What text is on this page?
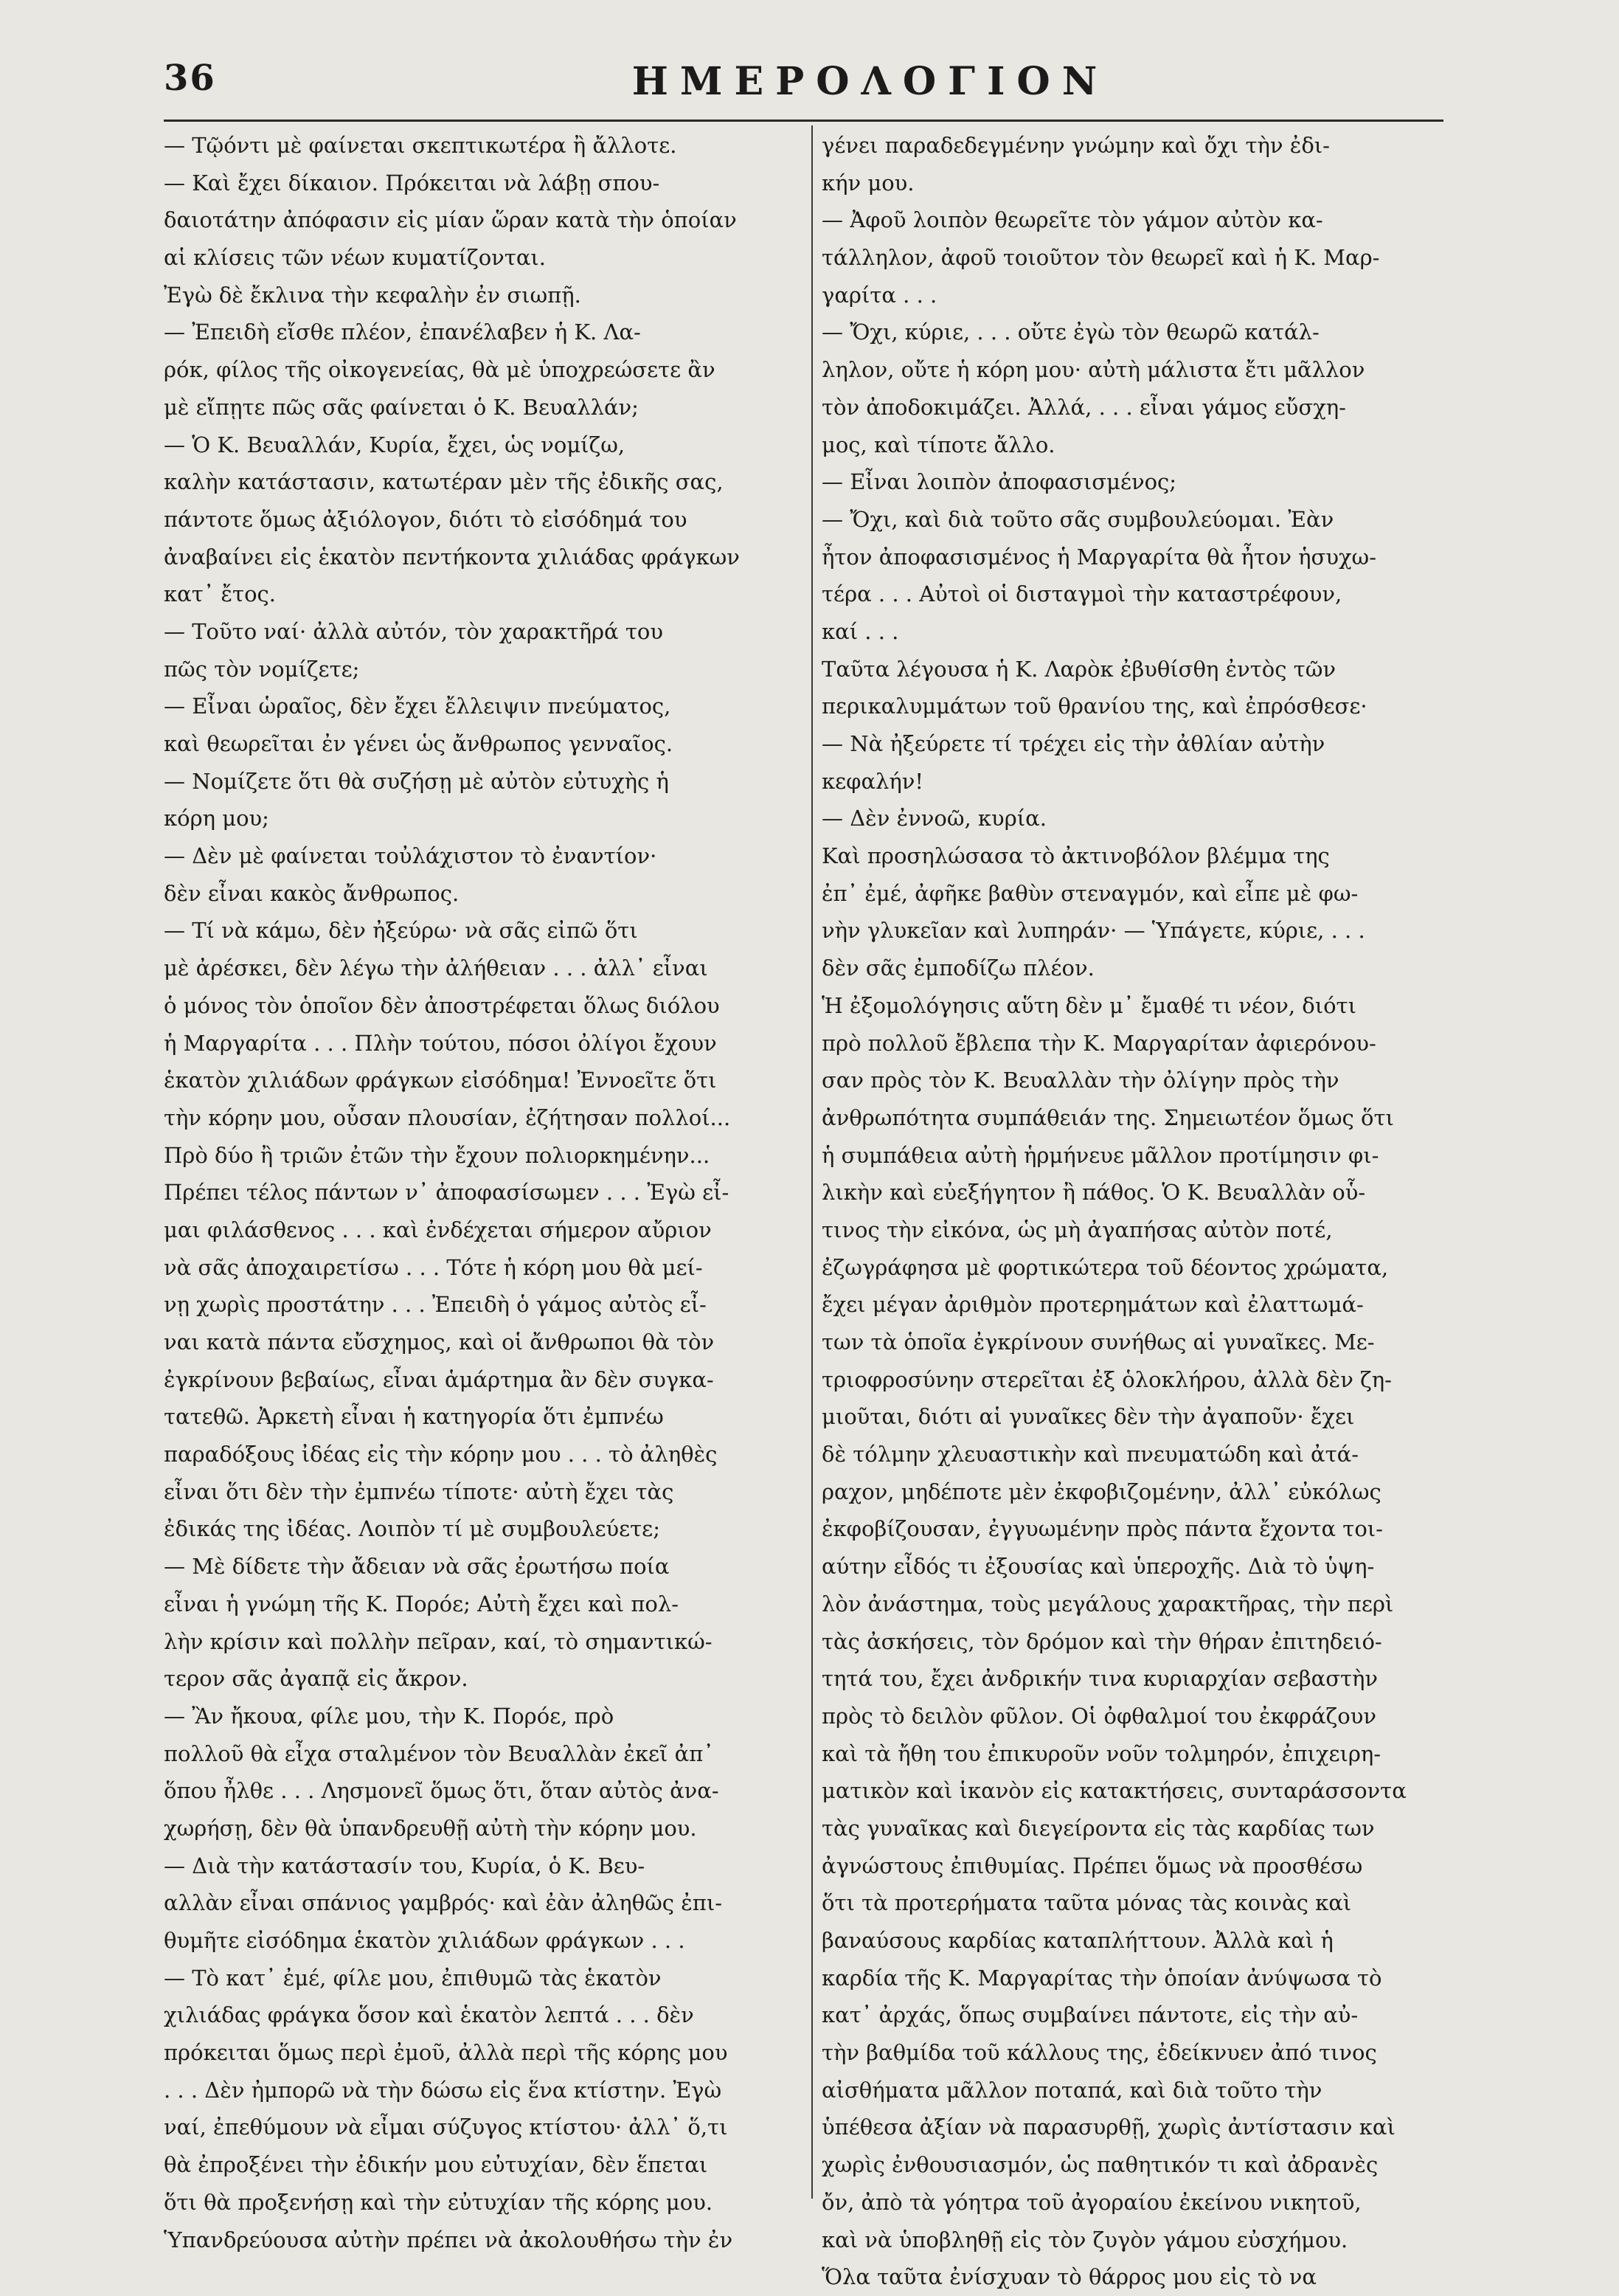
36	ΗΜΕΡΟΛΟΓΙΟΝ
— Τῷόντι μὲ φαίνεται σκεπτικωτέρα ἢ ἄλλοτε.
— Καὶ ἔχει δίκαιον. Πρόκειται νὰ λάβῃ σπου-
δαιοτάτην ἀπόφασιν εἰς μίαν ὥραν κατὰ τὴν ὁποίαν
αἱ κλίσεις τῶν νέων κυματίζονται.
Ἐγὼ δὲ ἔκλινα τὴν κεφαλὴν ἐν σιωπῇ.
— Ἐπειδὴ εἴσθε πλέον, ἐπανέλαβεν ἡ Κ. Λα-
ρόκ, φίλος τῆς οἰκογενείας, θὰ μὲ ὑποχρεώσετε ἂν
μὲ εἴπῃτε πῶς σᾶς φαίνεται ὁ Κ. Βευαλλάν;
— Ὁ Κ. Βευαλλάν, Κυρία, ἔχει, ὡς νομίζω,
καλὴν κατάστασιν, κατωτέραν μὲν τῆς ἐδικῆς σας,
πάντοτε ὅμως ἀξιόλογον, διότι τὸ εἰσόδημά του
ἀναβαίνει εἰς ἑκατὸν πεντήκοντα χιλιάδας φράγκων
κατ᾽ ἔτος.
— Τοῦτο ναί· ἀλλὰ αὐτόν, τὸν χαρακτῆρά του
πῶς τὸν νομίζετε;
— Εἶναι ὡραῖος, δὲν ἔχει ἔλλειψιν πνεύματος,
καὶ θεωρεῖται ἐν γένει ὡς ἄνθρωπος γενναῖος.
— Νομίζετε ὅτι θὰ συζήσῃ μὲ αὐτὸν εὐτυχὴς ἡ
κόρη μου;
— Δὲν μὲ φαίνεται τοὐλάχιστον τὸ ἐναντίον·
δὲν εἶναι κακὸς ἄνθρωπος.
— Τί νὰ κάμω, δὲν ἠξεύρω· νὰ σᾶς εἰπῶ ὅτι
μὲ ἀρέσκει, δὲν λέγω τὴν ἀλήθειαν . . . ἀλλ᾽ εἶναι
ὁ μόνος τὸν ὁποῖον δὲν ἀποστρέφεται ὅλως διόλου
ἡ Μαργαρίτα . . . Πλὴν τούτου, πόσοι ὀλίγοι ἔχουν
ἑκατὸν χιλιάδων φράγκων εἰσόδημα! Ἐννοεῖτε ὅτι
τὴν κόρην μου, οὖσαν πλουσίαν, ἐζήτησαν πολλοί...
Πρὸ δύο ἢ τριῶν ἐτῶν τὴν ἔχουν πολιορκημένην...
Πρέπει τέλος πάντων ν᾽ ἀποφασίσωμεν . . . Ἐγὼ εἶ-
μαι φιλάσθενος . . . καὶ ἐνδέχεται σήμερον αὔριον
νὰ σᾶς ἀποχαιρετίσω . . . Τότε ἡ κόρη μου θὰ μεί-
νῃ χωρὶς προστάτην . . . Ἐπειδὴ ὁ γάμος αὐτὸς εἶ-
ναι κατὰ πάντα εὔσχημος, καὶ οἱ ἄνθρωποι θὰ τὸν
ἐγκρίνουν βεβαίως, εἶναι ἁμάρτημα ἂν δὲν συγκα-
τατεθῶ. Ἀρκετὴ εἶναι ἡ κατηγορία ὅτι ἐμπνέω
παραδόξους ἰδέας εἰς τὴν κόρην μου . . . τὸ ἀληθὲς
εἶναι ὅτι δὲν τὴν ἐμπνέω τίποτε· αὐτὴ ἔχει τὰς
ἐδικάς της ἰδέας. Λοιπὸν τί μὲ συμβουλεύετε;
— Μὲ δίδετε τὴν ἄδειαν νὰ σᾶς ἐρωτήσω ποία
εἶναι ἡ γνώμη τῆς Κ. Πορόε; Αὐτὴ ἔχει καὶ πολ-
λὴν κρίσιν καὶ πολλὴν πεῖραν, καί, τὸ σημαντικώ-
τερον σᾶς ἀγαπᾷ εἰς ἄκρον.
— Ἂν ἤκουα, φίλε μου, τὴν Κ. Πορόε, πρὸ
πολλοῦ θὰ εἶχα σταλμένον τὸν Βευαλλὰν ἐκεῖ ἀπ᾽
ὅπου ἦλθε . . . Λησμονεῖ ὅμως ὅτι, ὅταν αὐτὸς ἀνα-
χωρήσῃ, δὲν θὰ ὑπανδρευθῇ αὐτὴ τὴν κόρην μου.
— Διὰ τὴν κατάστασίν του, Κυρία, ὁ Κ. Βευ-
αλλὰν εἶναι σπάνιος γαμβρός· καὶ ἐὰν ἀληθῶς ἐπι-
θυμῆτε εἰσόδημα ἑκατὸν χιλιάδων φράγκων . . .
— Τὸ κατ᾽ ἐμέ, φίλε μου, ἐπιθυμῶ τὰς ἑκατὸν
χιλιάδας φράγκα ὅσον καὶ ἑκατὸν λεπτά . . . δὲν
πρόκειται ὅμως περὶ ἐμοῦ, ἀλλὰ περὶ τῆς κόρης μου
. . . Δὲν ἠμπορῶ νὰ τὴν δώσω εἰς ἕνα κτίστην. Ἐγὼ
ναί, ἐπεθύμουν νὰ εἶμαι σύζυγος κτίστου· ἀλλ᾽ ὅ,τι
θὰ ἐπροξένει τὴν ἐδικήν μου εὐτυχίαν, δὲν ἕπεται
ὅτι θὰ προξενήσῃ καὶ τὴν εὐτυχίαν τῆς κόρης μου.
Ὑπανδρεύουσα αὐτὴν πρέπει νὰ ἀκολουθήσω τὴν ἐν
γένει παραδεδεγμένην γνώμην καὶ ὄχι τὴν ἐδι-
κήν μου.
— Ἀφοῦ λοιπὸν θεωρεῖτε τὸν γάμον αὐτὸν κα-
τάλληλον, ἀφοῦ τοιοῦτον τὸν θεωρεῖ καὶ ἡ Κ. Μαρ-
γαρίτα . . .
— Ὄχι, κύριε, . . . οὔτε ἐγὼ τὸν θεωρῶ κατάλ-
ληλον, οὔτε ἡ κόρη μου· αὐτὴ μάλιστα ἔτι μᾶλλον
τὸν ἀποδοκιμάζει. Ἀλλά, . . . εἶναι γάμος εὔσχη-
μος, καὶ τίποτε ἄλλο.
— Εἶναι λοιπὸν ἀποφασισμένος;
— Ὄχι, καὶ διὰ τοῦτο σᾶς συμβουλεύομαι. Ἐὰν
ἦτον ἀποφασισμένος ἡ Μαργαρίτα θὰ ἦτον ἡσυχω-
τέρα . . . Αὐτοὶ οἱ δισταγμοὶ τὴν καταστρέφουν,
καί . . .
Ταῦτα λέγουσα ἡ Κ. Λαρὸκ ἐβυθίσθη ἐντὸς τῶν
περικαλυμμάτων τοῦ θρανίου της, καὶ ἐπρόσθεσε·
— Νὰ ἠξεύρετε τί τρέχει εἰς τὴν ἀθλίαν αὐτὴν
κεφαλήν!
— Δὲν ἐννοῶ, κυρία.
Καὶ προσηλώσασα τὸ ἀκτινοβόλον βλέμμα της
ἐπ᾽ ἐμέ, ἀφῆκε βαθὺν στεναγμόν, καὶ εἶπε μὲ φω-
νὴν γλυκεῖαν καὶ λυπηράν· — Ὑπάγετε, κύριε, . . .
δὲν σᾶς ἐμποδίζω πλέον.
Ἡ ἐξομολόγησις αὕτη δὲν μ᾽ ἔμαθέ τι νέον, διότι
πρὸ πολλοῦ ἔβλεπα τὴν Κ. Μαργαρίταν ἀφιερόνου-
σαν πρὸς τὸν Κ. Βευαλλὰν τὴν ὀλίγην πρὸς τὴν
ἀνθρωπότητα συμπάθειάν της. Σημειωτέον ὅμως ὅτι
ἡ συμπάθεια αὐτὴ ἡρμήνευε μᾶλλον προτίμησιν φι-
λικὴν καὶ εὐεξήγητον ἢ πάθος. Ὁ Κ. Βευαλλὰν οὗ-
τινος τὴν εἰκόνα, ὡς μὴ ἀγαπήσας αὐτὸν ποτέ,
ἐζωγράφησα μὲ φορτικώτερα τοῦ δέοντος χρώματα,
ἔχει μέγαν ἀριθμὸν προτερημάτων καὶ ἐλαττωμά-
των τὰ ὁποῖα ἐγκρίνουν συνήθως αἱ γυναῖκες. Με-
τριοφροσύνην στερεῖται ἐξ ὁλοκλήρου, ἀλλὰ δὲν ζη-
μιοῦται, διότι αἱ γυναῖκες δὲν τὴν ἀγαποῦν· ἔχει
δὲ τόλμην χλευαστικὴν καὶ πνευματώδη καὶ ἀτά-
ραχον, μηδέποτε μὲν ἐκφοβιζομένην, ἀλλ᾽ εὐκόλως
ἐκφοβίζουσαν, ἐγγυωμένην πρὸς πάντα ἔχοντα τοι-
αύτην εἶδός τι ἐξουσίας καὶ ὑπεροχῆς. Διὰ τὸ ὑψη-
λὸν ἀνάστημα, τοὺς μεγάλους χαρακτῆρας, τὴν περὶ
τὰς ἀσκήσεις, τὸν δρόμον καὶ τὴν θήραν ἐπιτηδειό-
τητά του, ἔχει ἀνδρικήν τινα κυριαρχίαν σεβαστὴν
πρὸς τὸ δειλὸν φῦλον. Οἱ ὀφθαλμοί του ἐκφράζουν
καὶ τὰ ἤθη του ἐπικυροῦν νοῦν τολμηρόν, ἐπιχειρη-
ματικὸν καὶ ἱκανὸν εἰς κατακτήσεις, συνταράσσοντα
τὰς γυναῖκας καὶ διεγείροντα εἰς τὰς καρδίας των
ἀγνώστους ἐπιθυμίας. Πρέπει ὅμως νὰ προσθέσω
ὅτι τὰ προτερήματα ταῦτα μόνας τὰς κοινὰς καὶ
βαναύσους καρδίας καταπλήττουν. Ἀλλὰ καὶ ἡ
καρδία τῆς Κ. Μαργαρίτας τὴν ὁποίαν ἀνύψωσα τὸ
κατ᾽ ἀρχάς, ὅπως συμβαίνει πάντοτε, εἰς τὴν αὐ-
τὴν βαθμίδα τοῦ κάλλους της, ἐδείκνυεν ἀπό τινος
αἰσθήματα μᾶλλον ποταπά, καὶ διὰ τοῦτο τὴν
ὑπέθεσα ἀξίαν νὰ παρασυρθῇ, χωρὶς ἀντίστασιν καὶ
χωρὶς ἐνθουσιασμόν, ὡς παθητικόν τι καὶ ἀδρανὲς
ὄν, ἀπὸ τὰ γόητρα τοῦ ἀγοραίου ἐκείνου νικητοῦ,
καὶ νὰ ὑποβληθῇ εἰς τὸν ζυγὸν γάμου εὐσχήμου.
Ὅλα ταῦτα ἐνίσχυαν τὸ θάρρος μου εἰς τὸ να
